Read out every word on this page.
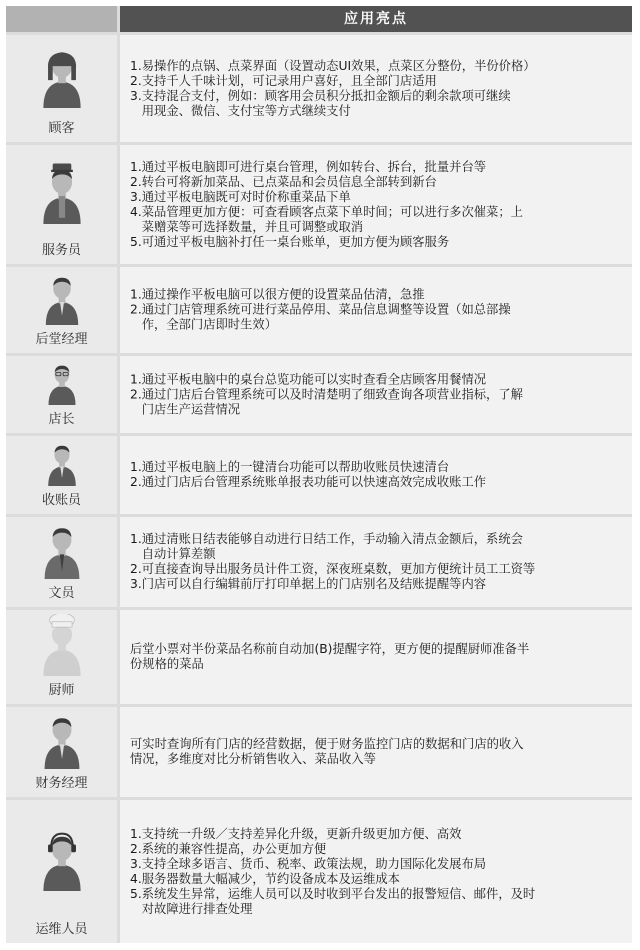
应用亮点
顾客
1.易操作的点锅、点菜界面（设置动态UI效果，点菜区分整份，半份价格）
2.支持千人千味计划，可记录用户喜好，且全部门店适用
3.支持混合支付，例如：顾客用会员积分抵扣金额后的剩余款项可继续
用现金、微信、支付宝等方式继续支付
服务员
1.通过平板电脑即可进行桌台管理，例如转台、拆台，批量并台等
2.转台可将新加菜品、已点菜品和会员信息全部转到新台
3.通过平板电脑既可对时价称重菜品下单
4.菜品管理更加方便：可查看顾客点菜下单时间；可以进行多次催菜；上
菜赠菜等可选择数量，并且可调整或取消
5.可通过平板电脑补打任一桌台账单，更加方便为顾客服务
后堂经理
1.通过操作平板电脑可以很方便的设置菜品估清，急推
2.通过门店管理系统可进行菜品停用、菜品信息调整等设置（如总部操
作，全部门店即时生效）
店长
1.通过平板电脑中的桌台总览功能可以实时查看全店顾客用餐情况
2.通过门店后台管理系统可以及时清楚明了细致查询各项营业指标，了解
门店生产运营情况
收账员
1.通过平板电脑上的一键清台功能可以帮助收账员快速清台
2.通过门店后台管理系统账单报表功能可以快速高效完成收账工作
文员
1.通过清账日结表能够自动进行日结工作，手动输入清点金额后，系统会
自动计算差额
2.可直接查询导出服务员计件工资，深夜班桌数，更加方便统计员工工资等
3.门店可以自行编辑前厅打印单据上的门店别名及结账提醒等内容
厨师
后堂小票对半份菜品名称前自动加(B)提醒字符，更方便的提醒厨师准备半
份规格的菜品
财务经理
可实时查询所有门店的经营数据，便于财务监控门店的数据和门店的收入
情况，多维度对比分析销售收入、菜品收入等
运维人员
1.支持统一升级／支持差异化升级，更新升级更加方便、高效
2.系统的兼容性提高，办公更加方便
3.支持全球多语言、货币、税率、政策法规，助力国际化发展布局
4.服务器数量大幅减少，节约设备成本及运维成本
5.系统发生异常，运维人员可以及时收到平台发出的报警短信、邮件，及时
对故障进行排查处理
